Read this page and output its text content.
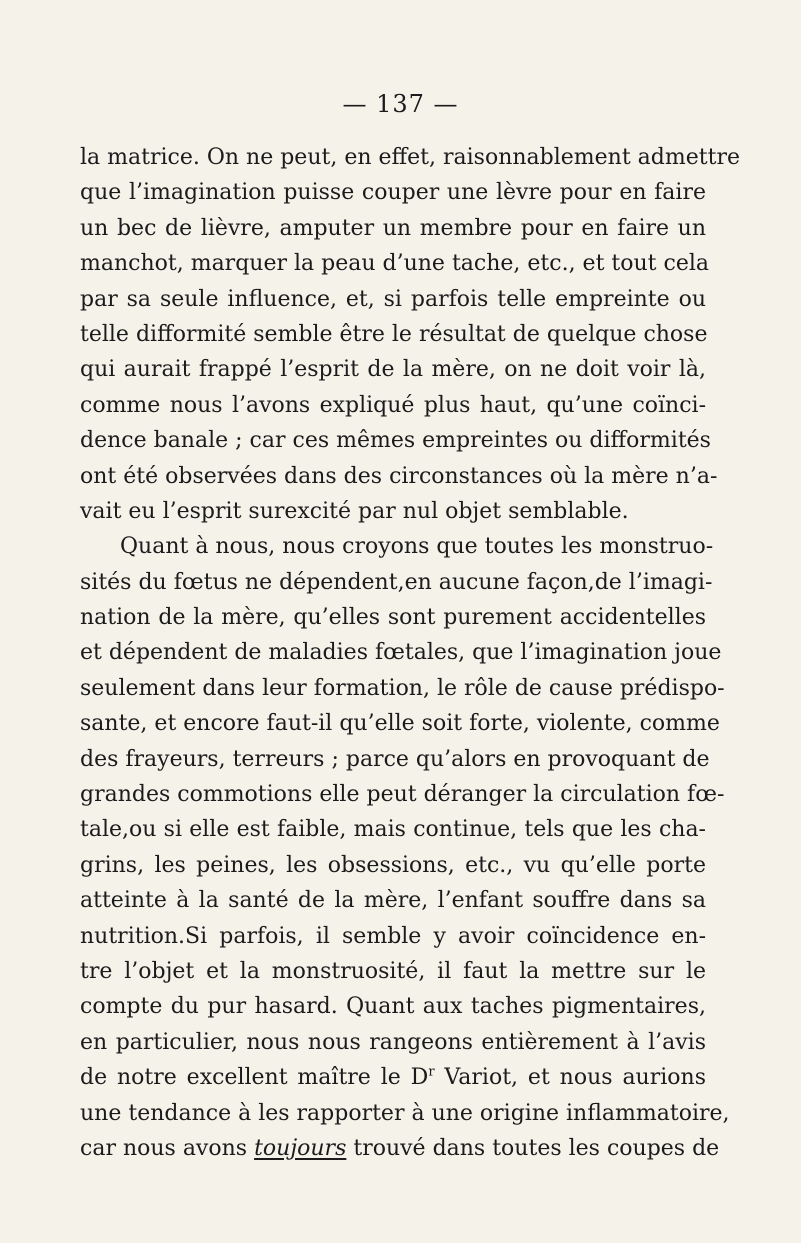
— 137 —
la matrice. On ne peut, en effet, raisonnablement admettre
que l’imagination puisse couper une lèvre pour en faire
un bec de lièvre, amputer un membre pour en faire un
manchot, marquer la peau d’une tache, etc., et tout cela
par sa seule influence, et, si parfois telle empreinte ou
telle difformité semble être le résultat de quelque chose
qui aurait frappé l’esprit de la mère, on ne doit voir là,
comme nous l’avons expliqué plus haut, qu’une coïnci-
dence banale ; car ces mêmes empreintes ou difformités
ont été observées dans des circonstances où la mère n’a-
vait eu l’esprit surexcité par nul objet semblable.
Quant à nous, nous croyons que toutes les monstruo-
sités du fœtus ne dépendent,en aucune façon,de l’imagi-
nation de la mère, qu’elles sont purement accidentelles
et dépendent de maladies fœtales, que l’imagination joue
seulement dans leur formation, le rôle de cause prédispo-
sante, et encore faut-il qu’elle soit forte, violente, comme
des frayeurs, terreurs ; parce qu’alors en provoquant de
grandes commotions elle peut déranger la circulation fœ-
tale,ou si elle est faible, mais continue, tels que les cha-
grins, les peines, les obsessions, etc., vu qu’elle porte
atteinte à la santé de la mère, l’enfant souffre dans sa
nutrition.Si parfois, il semble y avoir coïncidence en-
tre l’objet et la monstruosité, il faut la mettre sur le
compte du pur hasard. Quant aux taches pigmentaires,
en particulier, nous nous rangeons entièrement à l’avis
de notre excellent maître le $D^r$ Variot, et nous aurions
une tendance à les rapporter à une origine inflammatoire,
car nous avons toujours trouvé dans toutes les coupes de
